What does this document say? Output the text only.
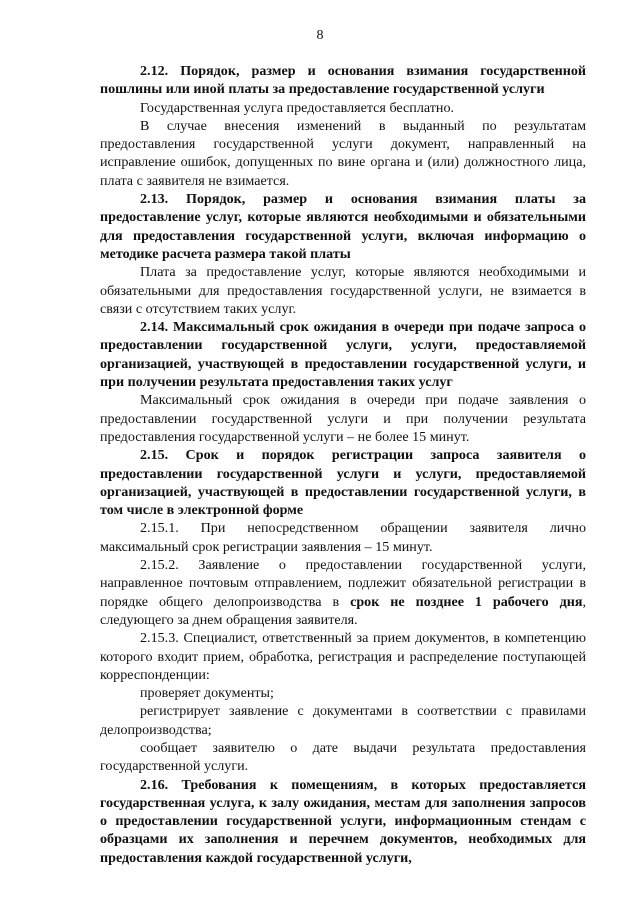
8

2.12. Порядок, размер и основания взимания государственной пошлины или иной платы за предоставление государственной услуги

Государственная услуга предоставляется бесплатно.

В случае внесения изменений в выданный по результатам предоставления государственной услуги документ, направленный на исправление ошибок, допущенных по вине органа и (или) должностного лица, плата с заявителя не взимается.

2.13. Порядок, размер и основания взимания платы за предоставление услуг, которые являются необходимыми и обязательными для предоставления государственной услуги, включая информацию о методике расчета размера такой платы

Плата за предоставление услуг, которые являются необходимыми и обязательными для предоставления государственной услуги, не взимается в связи с отсутствием таких услуг.

2.14. Максимальный срок ожидания в очереди при подаче запроса о предоставлении государственной услуги, услуги, предоставляемой организацией, участвующей в предоставлении государственной услуги, и при получении результата предоставления таких услуг

Максимальный срок ожидания в очереди при подаче заявления о предоставлении государственной услуги и при получении результата предоставления государственной услуги – не более 15 минут.

2.15. Срок и порядок регистрации запроса заявителя о предоставлении государственной услуги и услуги, предоставляемой организацией, участвующей в предоставлении государственной услуги, в том числе в электронной форме

2.15.1. При непосредственном обращении заявителя лично максимальный срок регистрации заявления – 15 минут.

2.15.2. Заявление о предоставлении государственной услуги, направленное почтовым отправлением, подлежит обязательной регистрации в порядке общего делопроизводства в срок не позднее 1 рабочего дня, следующего за днем обращения заявителя.

2.15.3. Специалист, ответственный за прием документов, в компетенцию которого входит прием, обработка, регистрация и распределение поступающей корреспонденции:

проверяет документы;

регистрирует заявление с документами в соответствии с правилами делопроизводства;

сообщает заявителю о дате выдачи результата предоставления государственной услуги.

2.16. Требования к помещениям, в которых предоставляется государственная услуга, к залу ожидания, местам для заполнения запросов о предоставлении государственной услуги, информационным стендам с образцами их заполнения и перечнем документов, необходимых для предоставления каждой государственной услуги,
